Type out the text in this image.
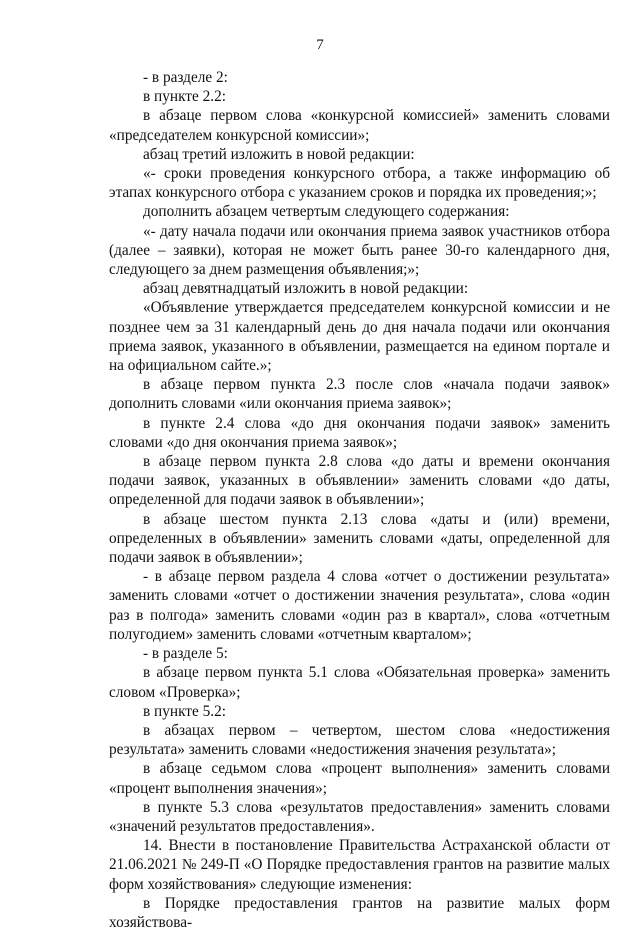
7

- в разделе 2:

в пункте 2.2:

в абзаце первом слова «конкурсной комиссией» заменить словами «председателем конкурсной комиссии»;

абзац третий изложить в новой редакции:

«- сроки проведения конкурсного отбора, а также информацию об этапах конкурсного отбора с указанием сроков и порядка их проведения;»;

дополнить абзацем четвертым следующего содержания:

«- дату начала подачи или окончания приема заявок участников отбора (далее – заявки), которая не может быть ранее 30-го календарного дня, следующего за днем размещения объявления;»;

абзац девятнадцатый изложить в новой редакции:

«Объявление утверждается председателем конкурсной комиссии и не позднее чем за 31 календарный день до дня начала подачи или окончания приема заявок, указанного в объявлении, размещается на едином портале и на официальном сайте.»;

в абзаце первом пункта 2.3 после слов «начала подачи заявок» дополнить словами «или окончания приема заявок»;

в пункте 2.4 слова «до дня окончания подачи заявок» заменить словами «до дня окончания приема заявок»;

в абзаце первом пункта 2.8 слова «до даты и времени окончания подачи заявок, указанных в объявлении» заменить словами «до даты, определенной для подачи заявок в объявлении»;

в абзаце шестом пункта 2.13 слова «даты и (или) времени, определенных в объявлении» заменить словами «даты, определенной для подачи заявок в объявлении»;

- в абзаце первом раздела 4 слова «отчет о достижении результата» заменить словами «отчет о достижении значения результата», слова «один раз в полгода» заменить словами «один раз в квартал», слова «отчетным полугодием» заменить словами «отчетным кварталом»;

- в разделе 5:

в абзаце первом пункта 5.1 слова «Обязательная проверка» заменить словом «Проверка»;

в пункте 5.2:

в абзацах первом – четвертом, шестом слова «недостижения результата» заменить словами «недостижения значения результата»;

в абзаце седьмом слова «процент выполнения» заменить словами «процент выполнения значения»;

в пункте 5.3 слова «результатов предоставления» заменить словами «значений результатов предоставления».

14. Внести в постановление Правительства Астраханской области от 21.06.2021 № 249-П «О Порядке предоставления грантов на развитие малых форм хозяйствования» следующие изменения:

в Порядке предоставления грантов на развитие малых форм хозяйствова-
